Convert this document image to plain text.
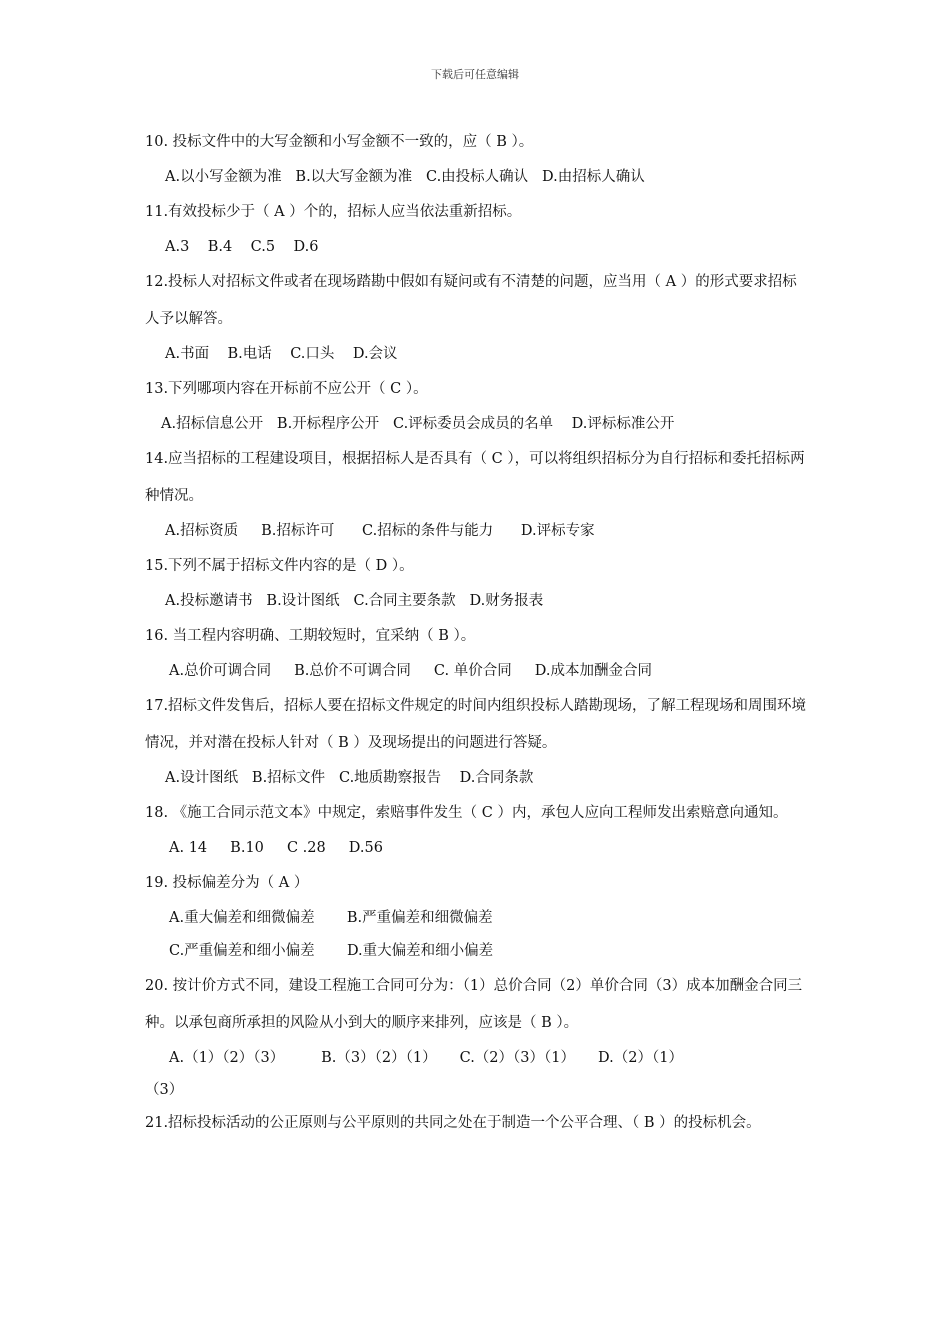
下载后可任意编辑

10. 投标文件中的大写金额和小写金额不一致的，应（ B ）。

A.以小写金额为准   B.以大写金额为准   C.由投标人确认   D.由招标人确认

11.有效投标少于（ A ）个的，招标人应当依法重新招标。

A.3    B.4    C.5    D.6

12.投标人对招标文件或者在现场踏勘中假如有疑问或有不清楚的问题，应当用（ A ）的形式要求招标人予以解答。

A.书面    B.电话    C.口头    D.会议

13.下列哪项内容在开标前不应公开（ C ）。

A.招标信息公开   B.开标程序公开   C.评标委员会成员的名单    D.评标标准公开

14.应当招标的工程建设项目，根据招标人是否具有（ C ），可以将组织招标分为自行招标和委托招标两种情况。

A.招标资质     B.招标许可      C.招标的条件与能力      D.评标专家

15.下列不属于招标文件内容的是（ D ）。

A.投标邀请书   B.设计图纸   C.合同主要条款   D.财务报表

16. 当工程内容明确、工期较短时，宜采纳（ B ）。

A.总价可调合同     B.总价不可调合同     C. 单价合同     D.成本加酬金合同

17.招标文件发售后，招标人要在招标文件规定的时间内组织投标人踏勘现场，了解工程现场和周围环境情况，并对潜在投标人针对（ B ）及现场提出的问题进行答疑。

A.设计图纸   B.招标文件   C.地质勘察报告    D.合同条款

18. 《施工合同示范文本》中规定，索赔事件发生（ C ）内，承包人应向工程师发出索赔意向通知。

A. 14     B.10     C .28     D.56

19. 投标偏差分为（ A ）

A.重大偏差和细微偏差       B.严重偏差和细微偏差

C.严重偏差和细小偏差       D.重大偏差和细小偏差

20. 按计价方式不同，建设工程施工合同可分为：（1）总价合同（2）单价合同（3）成本加酬金合同三种。以承包商所承担的风险从小到大的顺序来排列，应该是（ B ）。

A.（1）（2）（3）        B.（3）（2）（1）     C.（2）（3）（1）     D.（2）（1）

（3）

21.招标投标活动的公正原则与公平原则的共同之处在于制造一个公平合理、（ B ）的投标机会。
